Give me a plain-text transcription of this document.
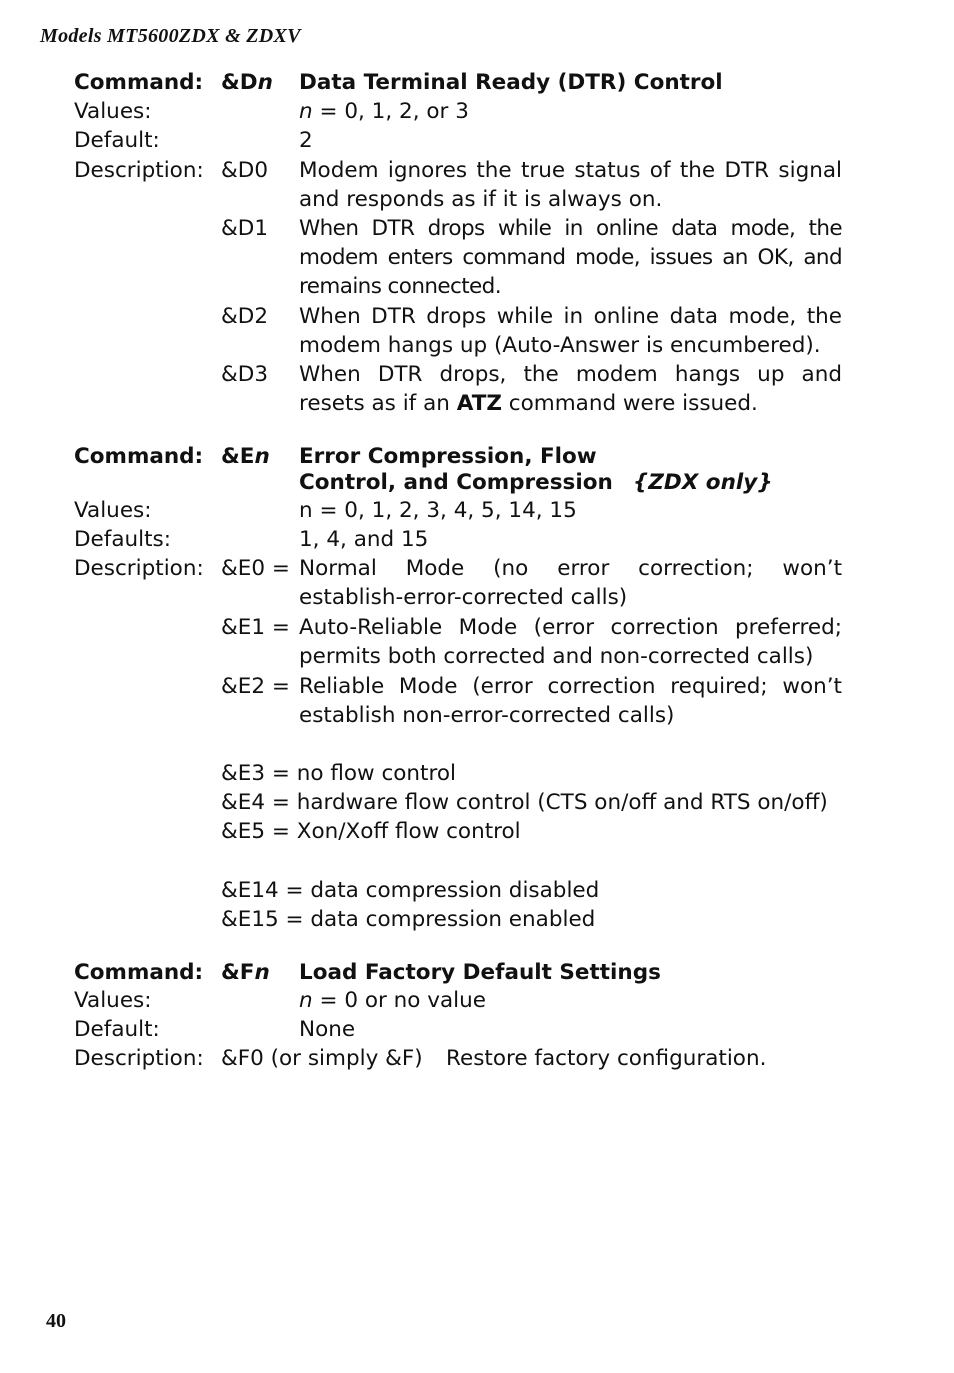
Models MT5600ZDX & ZDXV
Command: &Dn Data Terminal Ready (DTR) Control
Values:	n = 0, 1, 2, or 3
Default:	2
Description: &D0 Modem ignores the true status of the DTR signal and responds as if it is always on.
&D1 When DTR drops while in online data mode, the modem enters command mode, issues an OK, and remains connected.
&D2 When DTR drops while in online data mode, the modem hangs up (Auto-Answer is encumbered).
&D3 When DTR drops, the modem hangs up and resets as if an ATZ command were issued.
Command: &En Error Compression, Flow
Control, and Compression {ZDX only}
Values:	n = 0, 1, 2, 3, 4, 5, 14, 15
Defaults:	1, 4, and 15
Description: &E0 = Normal Mode (no error correction; won’t establish-error-corrected calls)
&E1 = Auto-Reliable Mode (error correction preferred; permits both corrected and non-corrected calls)
&E2 = Reliable Mode (error correction required; won’t establish non-error-corrected calls)
&E3 = no flow control
&E4 = hardware flow control (CTS on/off and RTS on/off)
&E5 = Xon/Xoff flow control
&E14 = data compression disabled
&E15 = data compression enabled
Command: &Fn Load Factory Default Settings
Values:	n = 0 or no value
Default:	None
Description: &F0 (or simply &F) Restore factory configuration.
40
